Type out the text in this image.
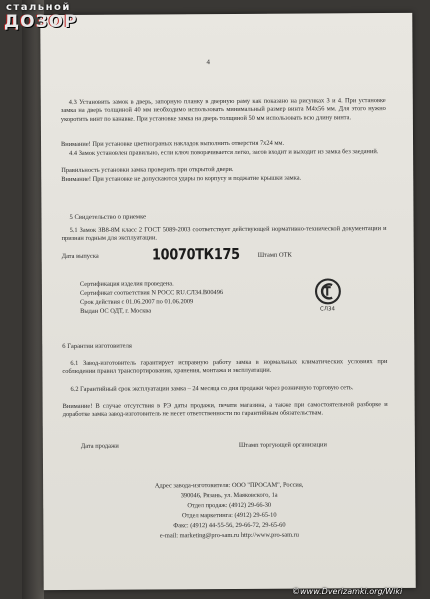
4
4.3 Установить замок в дверь, запорную планку в дверную раму как показано на рисунках 3 и 4. При установке замка на дверь толщиной 40 мм необходимо использовать минимальный размер винта М4х56 мм. Для этого нужно укоротить винт по канавке. При установке замка на дверь толщиной 50 мм использовать всю длину винта.
Внимание! При установке цветнограных накладок выполнить отверстия 7х24 мм.
4.4 Замок установлен правильно, если ключ поворачивается легко, засов входит и выходит из замка без заеданий.
Правильность установки замка проверить при открытой двери.
Внимание! При установке не допускаются удары по корпусу и поджатие крышки замка.
5 Свидетельство о приемке
5.1 Замок ЗВ8-8М класс 2 ГОСТ 5089-2003 соответствует действующей нормативно-технической документации и признан годным для эксплуатации.
Дата выпуска	10070ТК175	Штамп ОТК
Сертификация изделия проведена.
Сертификат соответствия N РОСС RU.СЛ34.В00496
Срок действия с 01.06.2007 по 01.06.2009
Выдан ОС ОДТ, г. Москва	СЛ34
6 Гарантии изготовителя
6.1 Завод-изготовитель гарантирует исправную работу замка в нормальных климатических условиях при соблюдении правил транспортирования, хранения, монтажа и эксплуатации.
6.2 Гарантийный срок эксплуатации замка – 24 месяца со дня продажи через розничную торговую сеть.
Внимание! В случае отсутствия в РЭ даты продажи, печати магазина, а также при самостоятельной разборке и доработке замка завод-изготовитель не несет ответственности по гарантийным обязательствам.
Дата продажи	Штамп торгующей организации
Адрес завода-изготовителя: ООО "ПРОСАМ", Россия,
390046, Рязань, ул. Маяковского, 1а
Отдел продаж: (4912) 29-66-30
Отдел маркетинга: (4912) 29-65-10
Факс: (4912) 44-55-56, 29-66-72, 29-65-60
e-mail: marketing@pro-sam.ru http://www.pro-sam.ru
стальной
ДОЗОР
©www.Dverizamki.org/Wiki
